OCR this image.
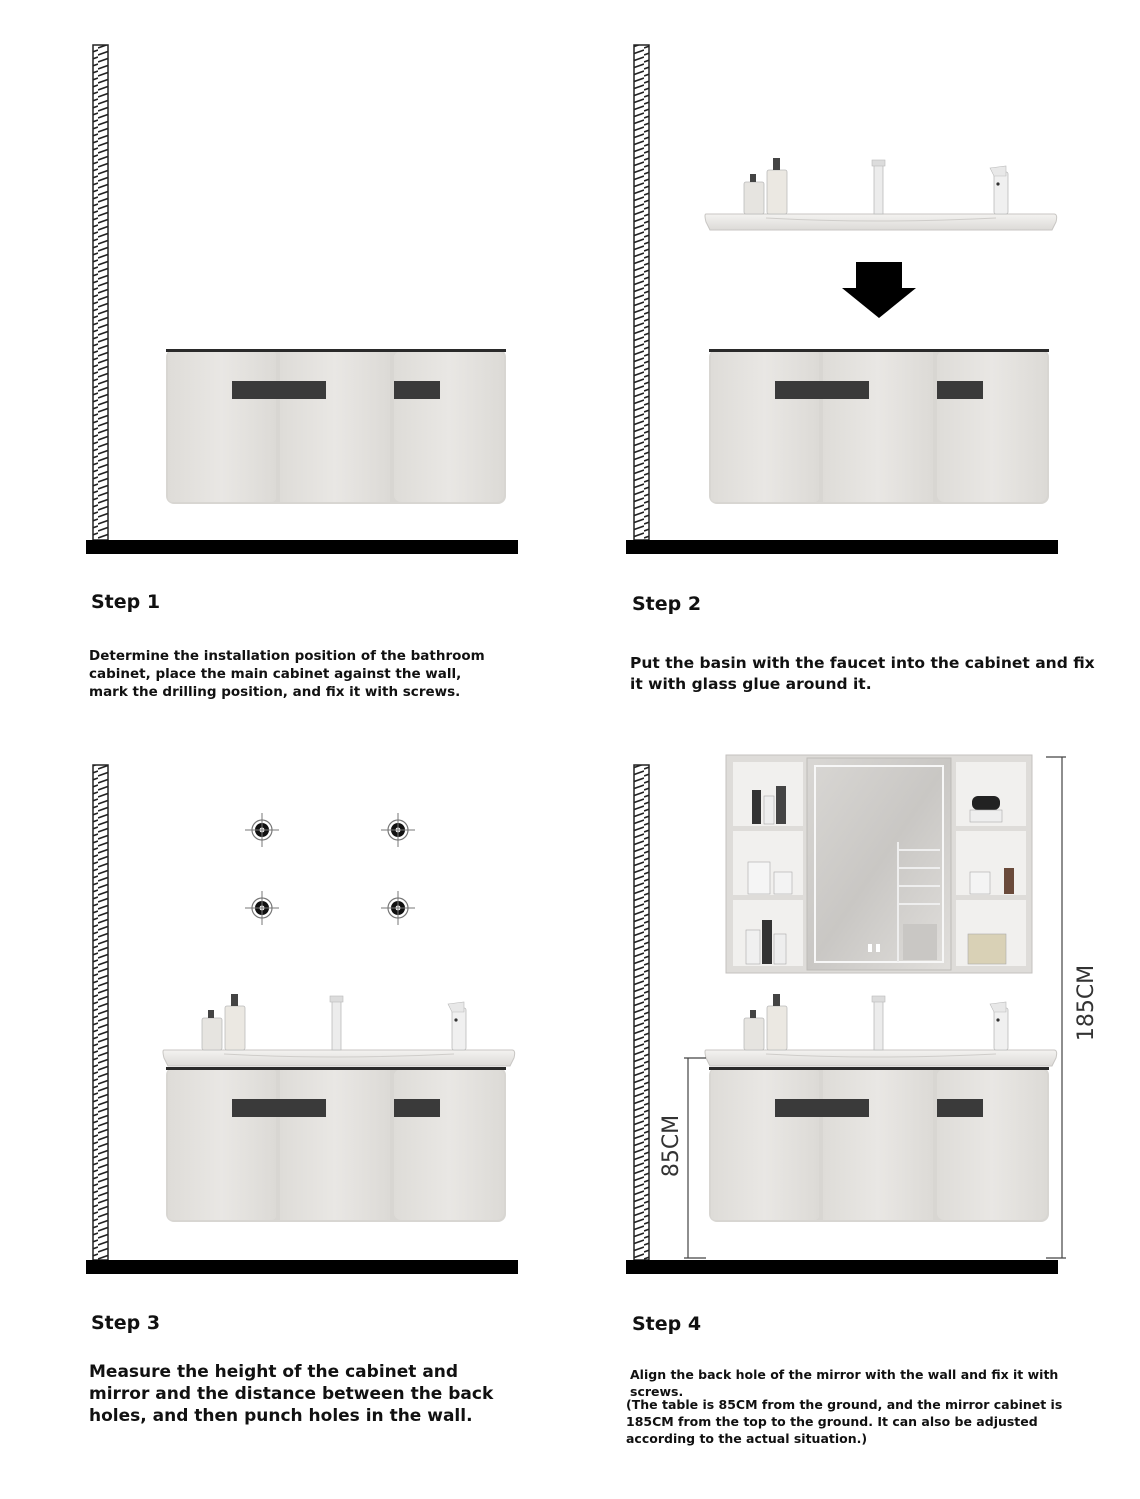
85CM
185CM
Step 1
Determine the installation position of the bathroom
cabinet, place the main cabinet against the wall,
mark the drilling position, and fix it with screws.
Step 2
Put the basin with the faucet into the cabinet and fix
it with glass glue around it.
Step 3
Measure the height of the cabinet and
mirror and the distance between the back
holes, and then punch holes in the wall.
Step 4
Align the back hole of the mirror with the wall and fix it with screws.
(The table is 85CM from the ground, and the mirror cabinet is
185CM from the top to the ground. It can also be adjusted
according to the actual situation.)
